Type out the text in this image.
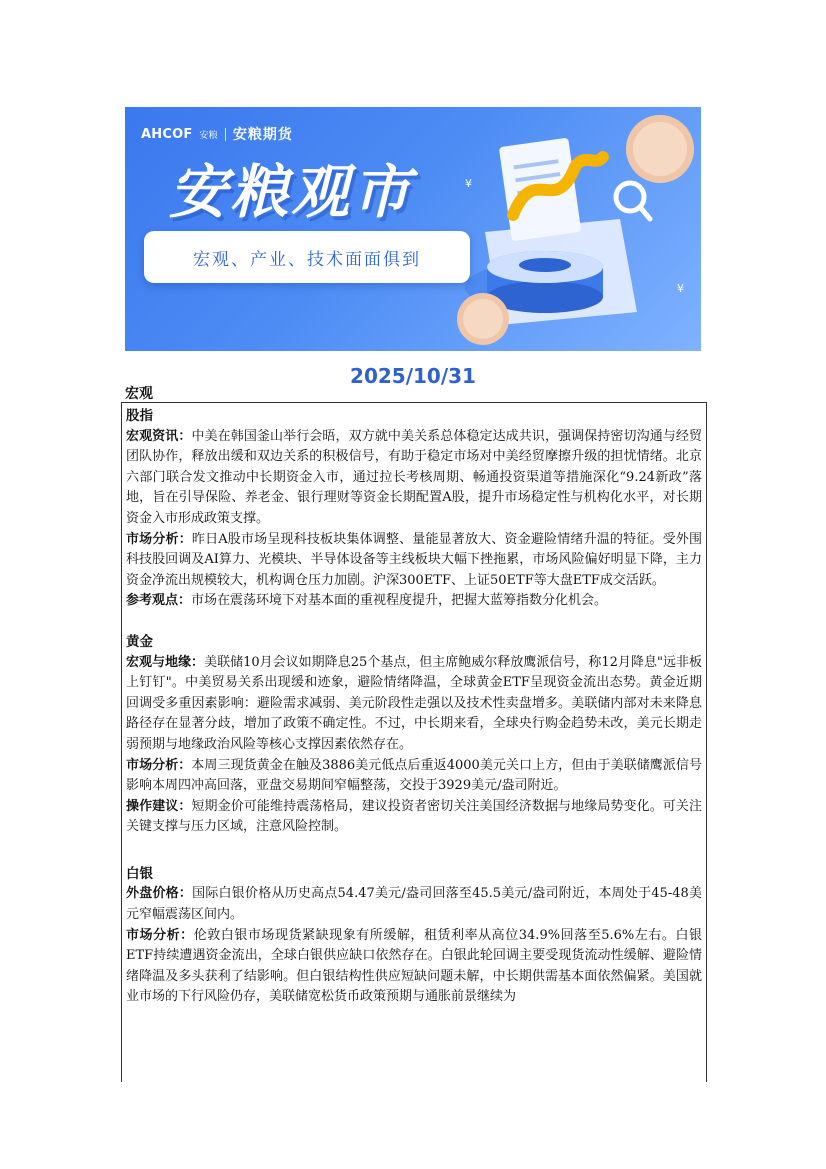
AHCOF 安粮 安粮期货
安粮观市
宏观、产业、技术面面俱到
¥
¥
2025/10/31
宏观
股指

宏观资讯：中美在韩国釜山举行会晤，双方就中美关系总体稳定达成共识，强调保持密切沟通与经贸团队协作，释放出缓和双边关系的积极信号，有助于稳定市场对中美经贸摩擦升级的担忧情绪。北京六部门联合发文推动中长期资金入市，通过拉长考核周期、畅通投资渠道等措施深化“9.24新政”落地，旨在引导保险、养老金、银行理财等资金长期配置A股，提升市场稳定性与机构化水平，对长期资金入市形成政策支撑。

市场分析：昨日A股市场呈现科技板块集体调整、量能显著放大、资金避险情绪升温的特征。受外围科技股回调及AI算力、光模块、半导体设备等主线板块大幅下挫拖累，市场风险偏好明显下降，主力资金净流出规模较大，机构调仓压力加剧。沪深300ETF、上证50ETF等大盘ETF成交活跃。

参考观点：市场在震荡环境下对基本面的重视程度提升，把握大蓝筹指数分化机会。

黄金

宏观与地缘：美联储10月会议如期降息25个基点，但主席鲍威尔释放鹰派信号，称12月降息"远非板上钉钉"。中美贸易关系出现缓和迹象，避险情绪降温，全球黄金ETF呈现资金流出态势。黄金近期回调受多重因素影响：避险需求减弱、美元阶段性走强以及技术性卖盘增多。美联储内部对未来降息路径存在显著分歧，增加了政策不确定性。不过，中长期来看，全球央行购金趋势未改，美元长期走弱预期与地缘政治风险等核心支撑因素依然存在。

市场分析：本周三现货黄金在触及3886美元低点后重返4000美元关口上方，但由于美联储鹰派信号影响本周四冲高回落，亚盘交易期间窄幅整荡，交投于3929美元/盎司附近。

操作建议：短期金价可能维持震荡格局，建议投资者密切关注美国经济数据与地缘局势变化。可关注关键支撑与压力区域，注意风险控制。

白银

外盘价格：国际白银价格从历史高点54.47美元/盎司回落至45.5美元/盎司附近，本周处于45-48美元窄幅震荡区间内。

市场分析：伦敦白银市场现货紧缺现象有所缓解，租赁利率从高位34.9%回落至5.6%左右。白银ETF持续遭遇资金流出，全球白银供应缺口依然存在。白银此轮回调主要受现货流动性缓解、避险情绪降温及多头获利了结影响。但白银结构性供应短缺问题未解，中长期供需基本面依然偏紧。美国就业市场的下行风险仍存，美联储宽松货币政策预期与通胀前景继续为
